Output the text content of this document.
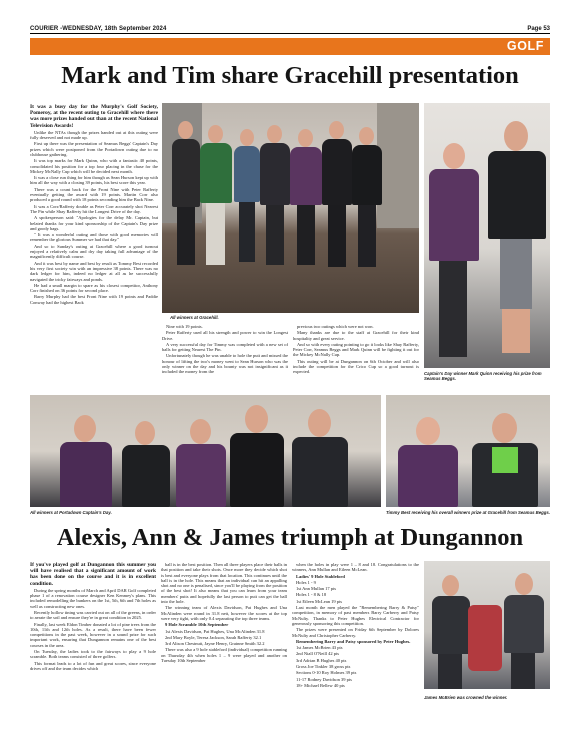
COURIER -WEDNESDAY, 18th September 2024	Page 53
GOLF
Mark and Tim share Gracehill presentation

It was a busy day for the Murphy's Golf Society, Pomeroy, at the recent outing to Gracehill where there was more prizes handed out than at the recent National Television Awards!

Unlike the NTAs though the prizes handed out at this outing were fully deserved and not made up.

First up there was the presentation of Seamus Beggs' Captain's Day prizes which were postponed from the Portadown outing due to no clubhouse gathering.

It was top marks for Mark Quinn, who with a fantastic 40 points, consolidated his position for a top four placing in the chase for the Mickey McNally Cup which will be decided next month.

It was a close run thing for him though as Sean Hurson kept up with him all the way with a closing 39 points, his best score this year.

There was a count back for the Front Nine with Peter Rafferty eventually getting the award with 19 points. Martin Corr also produced a good round with 18 points seconding him the Back Nine.

It was a Corr/Rafferty double as Peter Corr accurately shot Nearest The Pin while Shay Rafferty hit the Longest Drive of the day.

A spokesperson said: "Apologies for the delay Mr. Captain, but belated thanks for your kind sponsorship of the Captain's Day prize and goody bags.

" It was a wonderful outing and those with good memories will remember the glorious Summer we had that day."

And so to Sunday's outing at Gracehill where a good turnout enjoyed a relatively calm and dry day taking full advantage of the magnificently difficult course.

And it was best by name and best by result as Tommy Best recorded his very first society win with an impressive 38 points. There was no dark ledger for him, indeed no ledger at all as he successfully navigated the tricky fairways and ponds.

He had a small margin to spare as his closest competitor, Anthony Corr finished on 36 points for second place.

Barry Murphy had the best Front Nine with 19 points and Paddie Conway had the highest Back

All winners at Gracehill.
Captain's Day winner Mark Quinn receiving his prize from Seamus Beggs.

Nine with 19 points.

Peter Rafferty used all his strength and power to win the Longest Drive.

A very successful day for Timmy was completed with a new set of balls for getting Nearest The Pin.

Unfortunately though he was unable to hole the putt and missed the honour of lifting the two's money went to Sean Hurson who was the only winner on the day and his bounty was not insignificant as it included the money from the

previous two outings which were not won.

Many thanks are due to the staff at Gracehill for their kind hospitality and great service.

And so with every outing pointing to go it looks like Shay Rafferty, Peter Corr, Seamus Beggs and Mark Quinn will be fighting it out for the Mickey McNally Cup.

This outing will be at Dungannon on 6th October and will also include the competition for the Crico Cup so a good turnout is expected.

All winners at Portadown Captain's Day.	Timmy Best receiving his overall winners prize at Gracehill from Seamus Beggs.
Alexis, Ann & James triumph at Dungannon

If you've played golf at Dungannon this summer you will have realised that a significant amount of work has been done on the course and it is in excellent condition.

During the spring months of March and April DAR Golf completed phase 1 of a renovation course designer Ken Kenmey's plans. This included remodelling the bunkers on the 1st, 5th, 6th and 7th holes as well as constructing new ones.

Recently hollow tining was carried out on all of the greens, in order to aerate the soil and ensure they're in great condition in 2025.

Finally, last week Eldon Timber donated a lot of pine trees from the 10th, 11th and 12th holes. As a result, there have been fewer competitions in the past week, however in a sound prize for such important work, ensuring that Dungannon remains one of the best courses in the area.

On Tuesday, the ladies took to the fairways to play a 9 hole scramble. Both teams consisted of three golfers.

This format leads to a lot of fun and great scores, since everyone drives off and the team decides which

ball is in the best position. Then all three players place their balls in that position and take their shots. Once more they decide which shot is best and everyone plays from that location. This continues until the ball is in the hole. This means that an individual can hit an appalling shot and no one is penalised, since you'll be playing from the position of the best shot! It also means that you can learn from your team members' putts and hopefully the last person to putt can get the ball into the hole.

The winning team of Alexis Davidson, Pat Hughes and Una McAlinden were round in 31.8 nett, however the scores at the top were very tight, with only 0.4 separating the top three teams.

9 Hole Scramble 10th September

1st Alexis Davidson, Pat Hughes, Una McAlinden 31.8

2nd Mary Boyle, Teresa Jackson, Sarah Rafferty 32.1

3rd Alison Chestnutt, Jayne Henry, Grainne Smith 32.2

There was also a 9 hole stableford (individual) competition running on Thursday 4th when holes 1 – 9 were played and another on Tuesday 10th September

when the holes in play were 1 – 8 and 18. Congratulations to the winners, Ann Mullan and Eileen McLean.

Ladies' 9 Hole Stableford

Holes 1 - 9

1st Ann Mullan 17 pts

Holes 1 - 8 & 18

1st Eileen McLean 19 pts

Last month the men played the "Remembering Barry & Patsy" competition, in memory of past members Barry Carberry and Patsy McNulty. Thanks to Peter Hughes Electrical Contractor for generously sponsoring this competition.

The prizes were presented on Friday 6th September by Dolores McNulty and Christopher Carberry.

Remembering Barry and Patsy sponsored by Peter Hughes.

1st James McBrien 43 pts

2nd Niall O'Neill 42 pts

3rd Adrian B Hughes 40 pts

Gross Joe Tinkler 38 gross pts

Sections 0-10 Roy Holmes 39 pts

11-17 Rodney Davidson 39 pts

18+ Michael Bellew 40 pts

James McBrien was crowned the winner.
